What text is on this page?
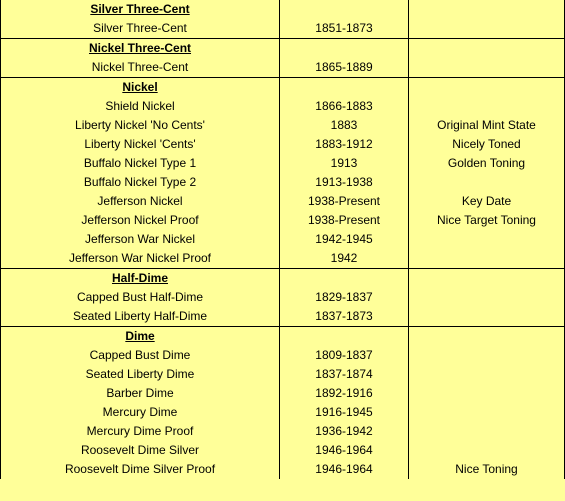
Silver Three-Cent		
Silver Three-Cent	1851-1873	
Nickel Three-Cent		
Nickel Three-Cent	1865-1889	
Nickel		
Shield Nickel	1866-1883	
Liberty Nickel 'No Cents'	1883	Original Mint State
Liberty Nickel 'Cents'	1883-1912	Nicely Toned
Buffalo Nickel Type 1	1913	Golden Toning
Buffalo Nickel Type 2	1913-1938	
Jefferson Nickel	1938-Present	Key Date
Jefferson Nickel Proof	1938-Present	Nice Target Toning
Jefferson War Nickel	1942-1945	
Jefferson War Nickel Proof	1942	
Half-Dime		
Capped Bust Half-Dime	1829-1837	
Seated Liberty Half-Dime	1837-1873	
Dime		
Capped Bust Dime	1809-1837	
Seated Liberty Dime	1837-1874	
Barber Dime	1892-1916	
Mercury Dime	1916-1945	
Mercury Dime Proof	1936-1942	
Roosevelt Dime Silver	1946-1964	
Roosevelt Dime Silver Proof	1946-1964	Nice Toning
